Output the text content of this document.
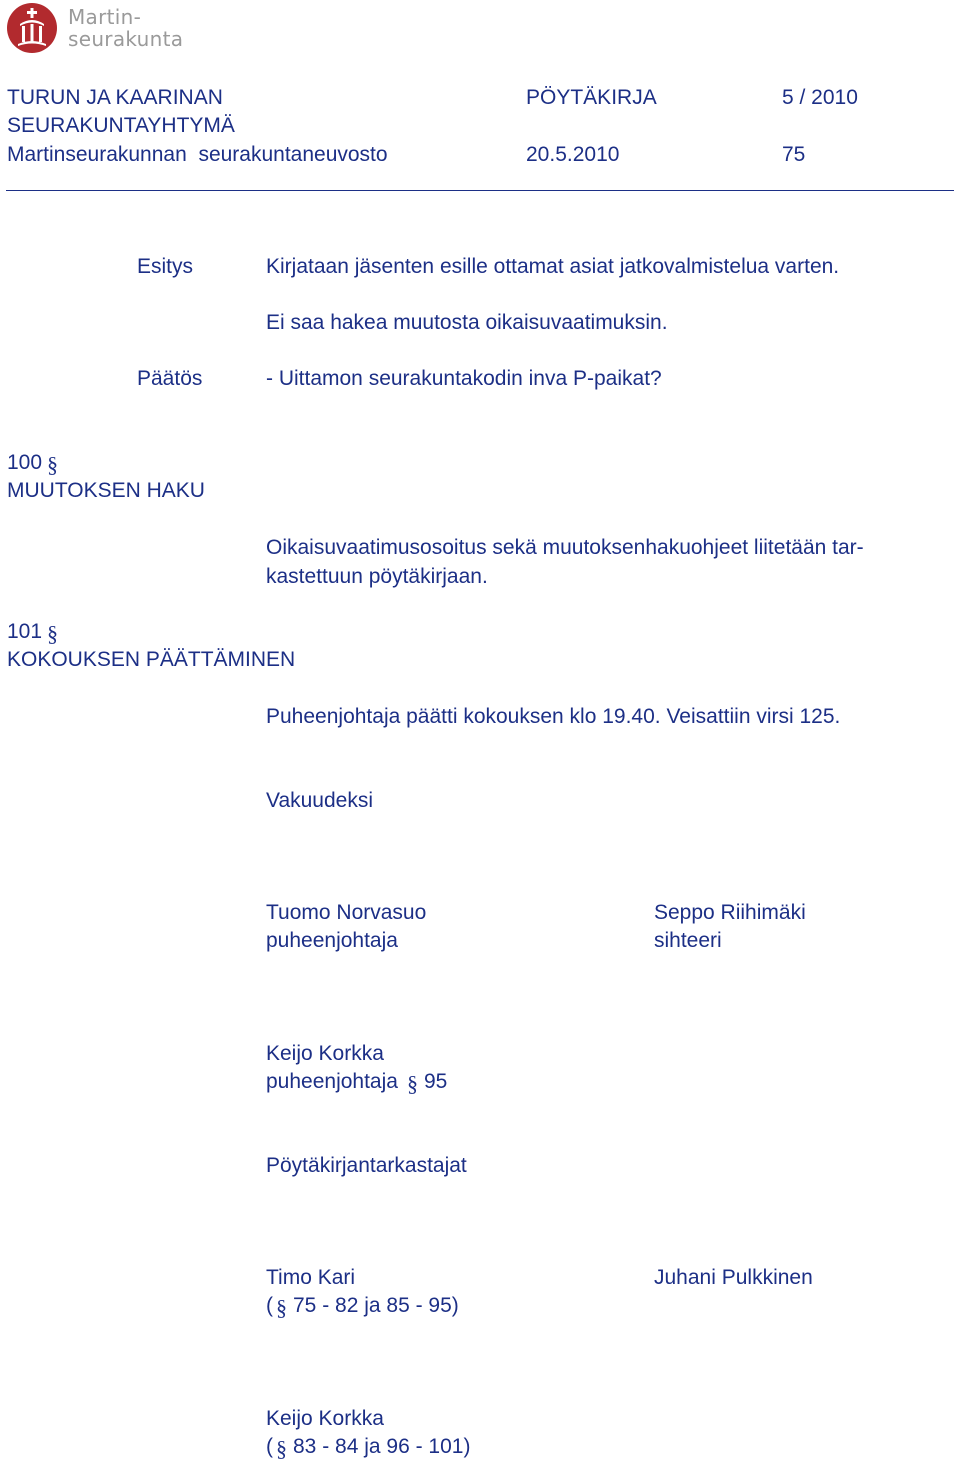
Martin-
seurakunta
TURUN JA KAARINAN	PÖYTÄKIRJA	5 / 2010
SEURAKUNTAYHTYMÄ
Martinseurakunnan  seurakuntaneuvosto	20.5.2010	75
Esitys	Kirjataan jäsenten esille ottamat asiat jatkovalmistelua varten.
Ei saa hakea muutosta oikaisuvaatimuksin.
Päätös	- Uittamon seurakuntakodin inva P-paikat?
100 §
MUUTOKSEN HAKU
Oikaisuvaatimusosoitus sekä muutoksenhakuohjeet liitetään tar-
kastettuun pöytäkirjaan.
101 §
KOKOUKSEN PÄÄTTÄMINEN
Puheenjohtaja päätti kokouksen klo 19.40. Veisattiin virsi 125.
Vakuudeksi
Tuomo Norvasuo
puheenjohtaja
Seppo Riihimäki
sihteeri
Keijo Korkka
puheenjohtaja § 95
Pöytäkirjantarkastajat
Timo Kari
( § 75 - 82 ja 85 - 95)
Juhani Pulkkinen
Keijo Korkka
( § 83 - 84 ja 96 - 101)
